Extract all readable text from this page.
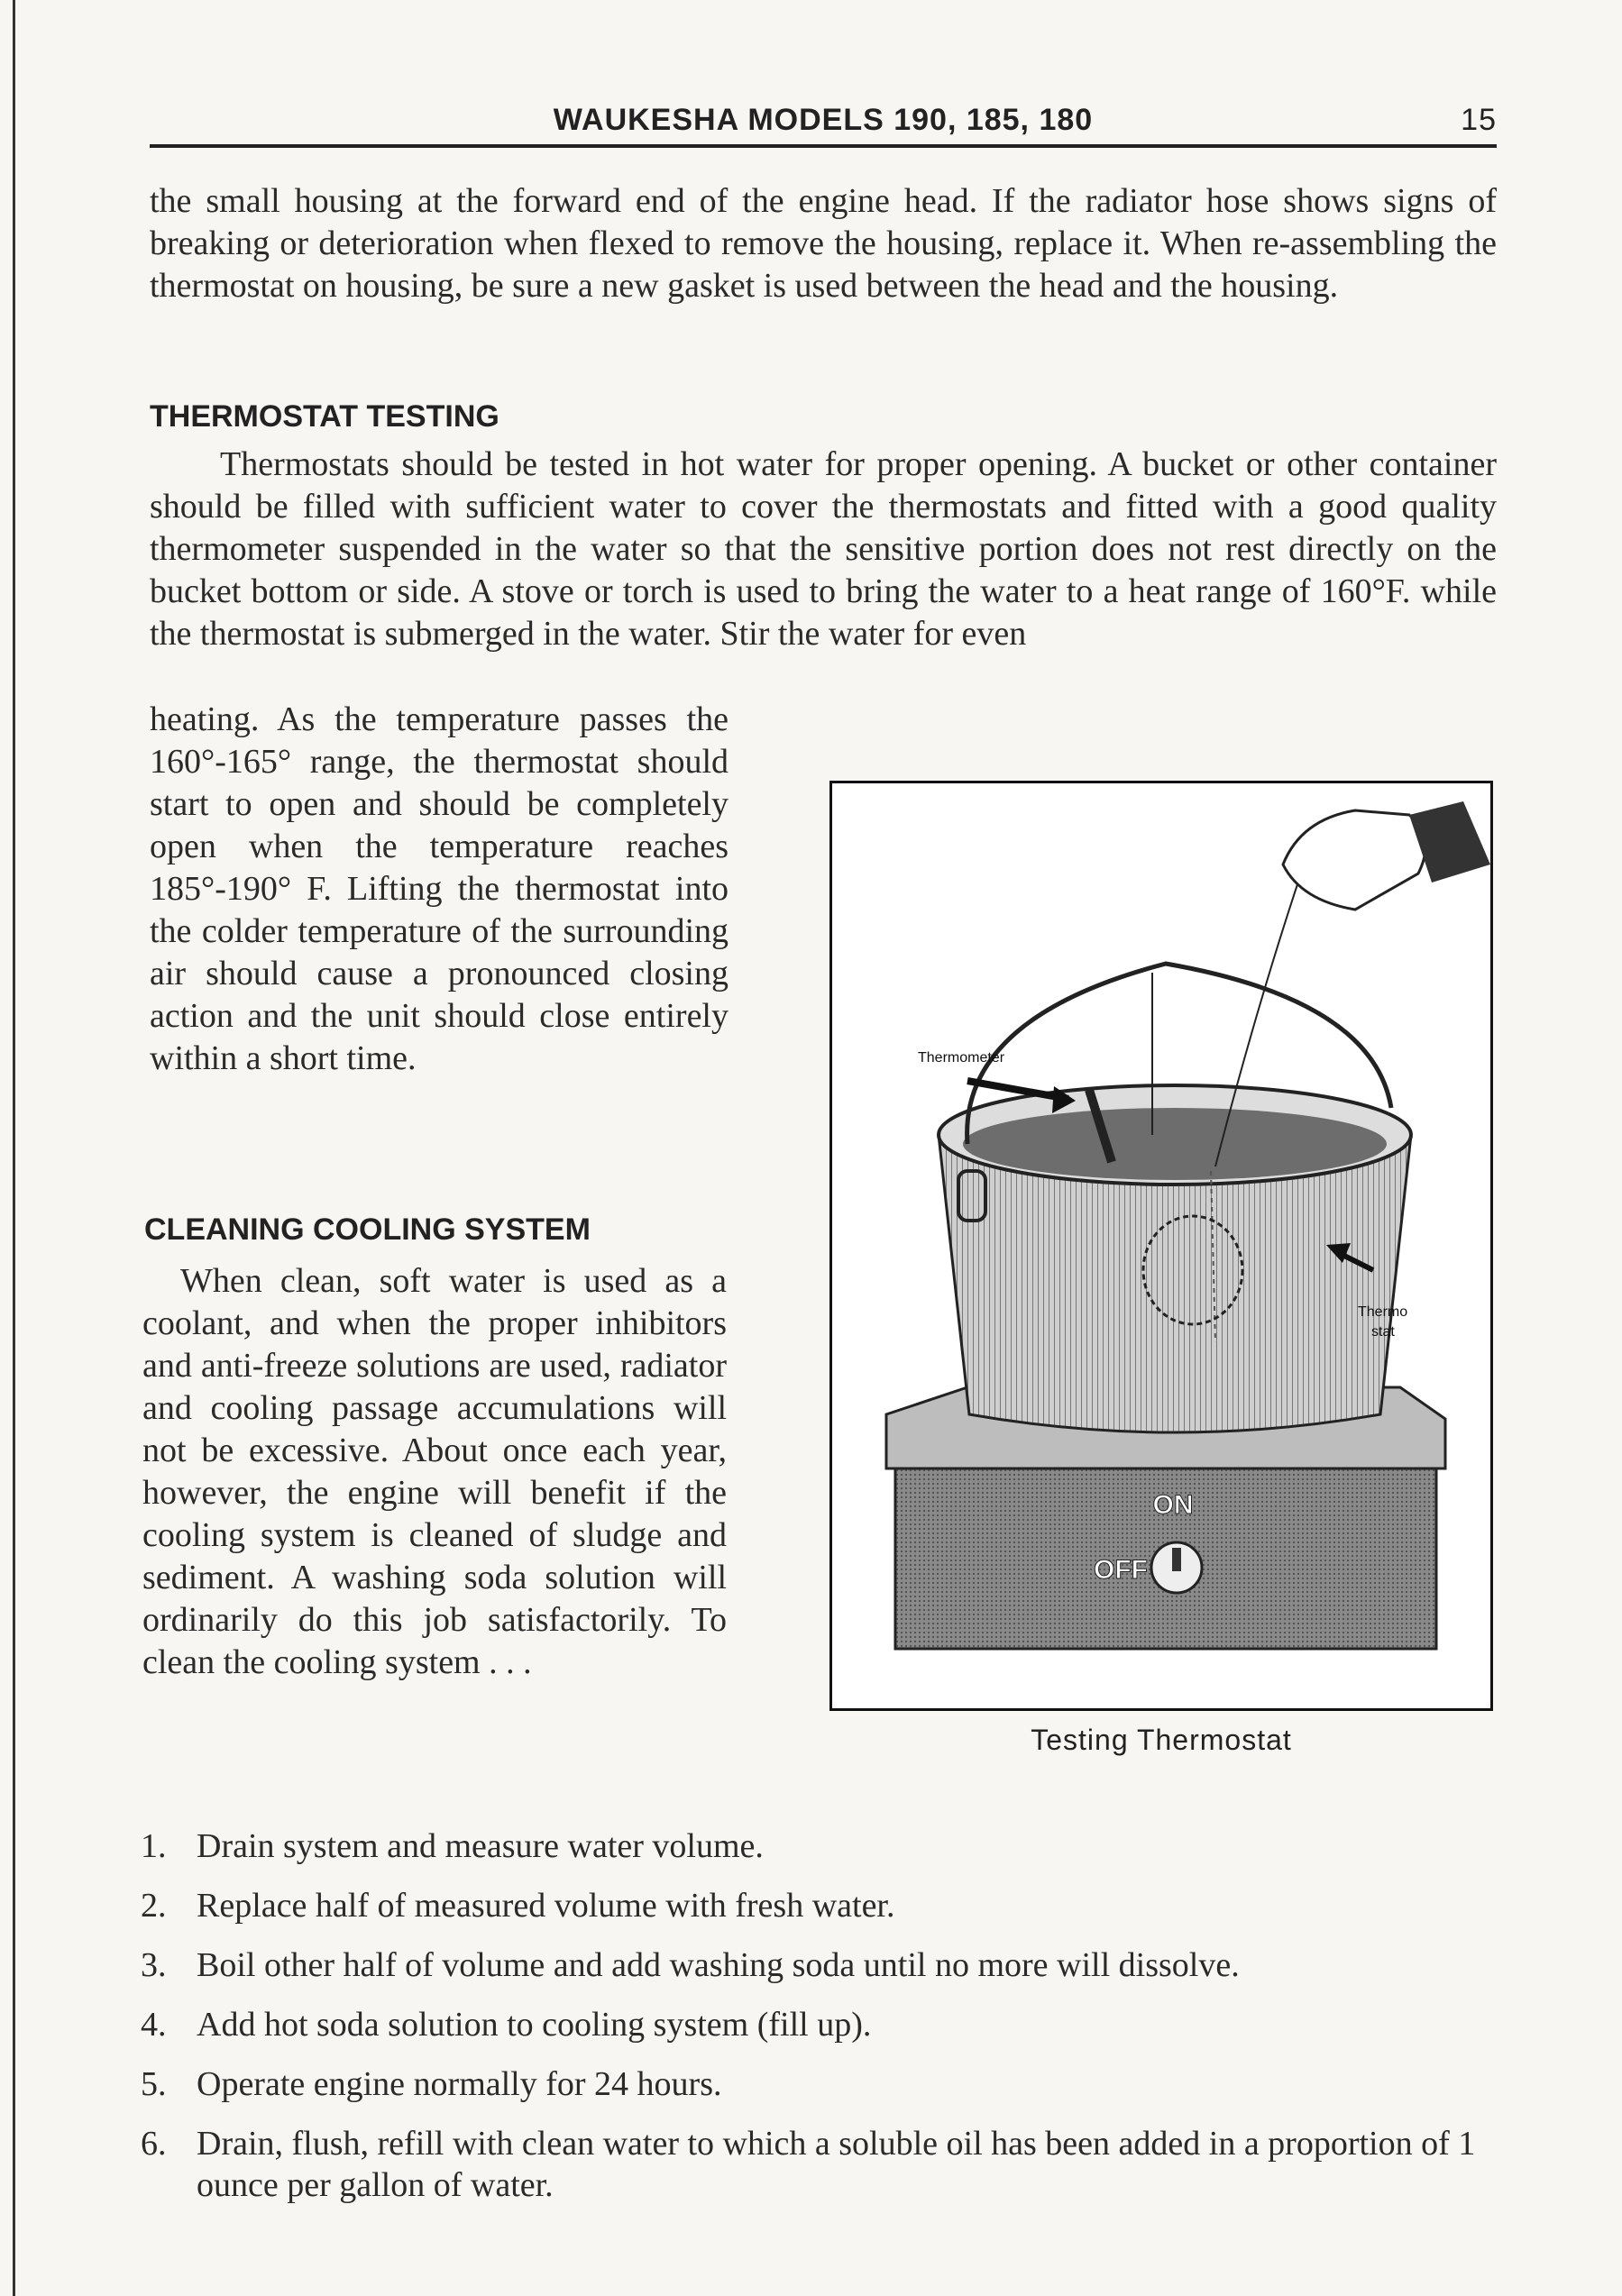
WAUKESHA MODELS 190, 185, 180	15
the small housing at the forward end of the engine head. If the radiator hose shows signs of breaking or deterioration when flexed to remove the housing, replace it. When re-assembling the thermostat on housing, be sure a new gasket is used between the head and the housing.
THERMOSTAT TESTING
Thermostats should be tested in hot water for proper opening. A bucket or other container should be filled with sufficient water to cover the thermostats and fitted with a good quality thermometer suspended in the water so that the sensitive portion does not rest directly on the bucket bottom or side. A stove or torch is used to bring the water to a heat range of 160°F. while the thermostat is submerged in the water. Stir the water for even
heating. As the temperature passes the 160°-165° range, the thermostat should start to open and should be completely open when the temperature reaches 185°-190° F. Lifting the thermostat into the colder temperature of the surrounding air should cause a pronounced closing action and the unit should close entirely within a short time.
CLEANING COOLING SYSTEM
When clean, soft water is used as a coolant, and when the proper inhibitors and anti-freeze solutions are used, radiator and cooling passage accumulations will not be excessive. About once each year, however, the engine will benefit if the cooling system is cleaned of sludge and sediment. A washing soda solution will ordinarily do this job satisfactorily. To clean the cooling system . . .
ON
OFF
Thermometer
Thermo
stat
Testing Thermostat
1. Drain system and measure water volume.
2. Replace half of measured volume with fresh water.
3. Boil other half of volume and add washing soda until no more will dissolve.
4. Add hot soda solution to cooling system (fill up).
5. Operate engine normally for 24 hours.
6. Drain, flush, refill with clean water to which a soluble oil has been added in a proportion of 1 ounce per gallon of water.
